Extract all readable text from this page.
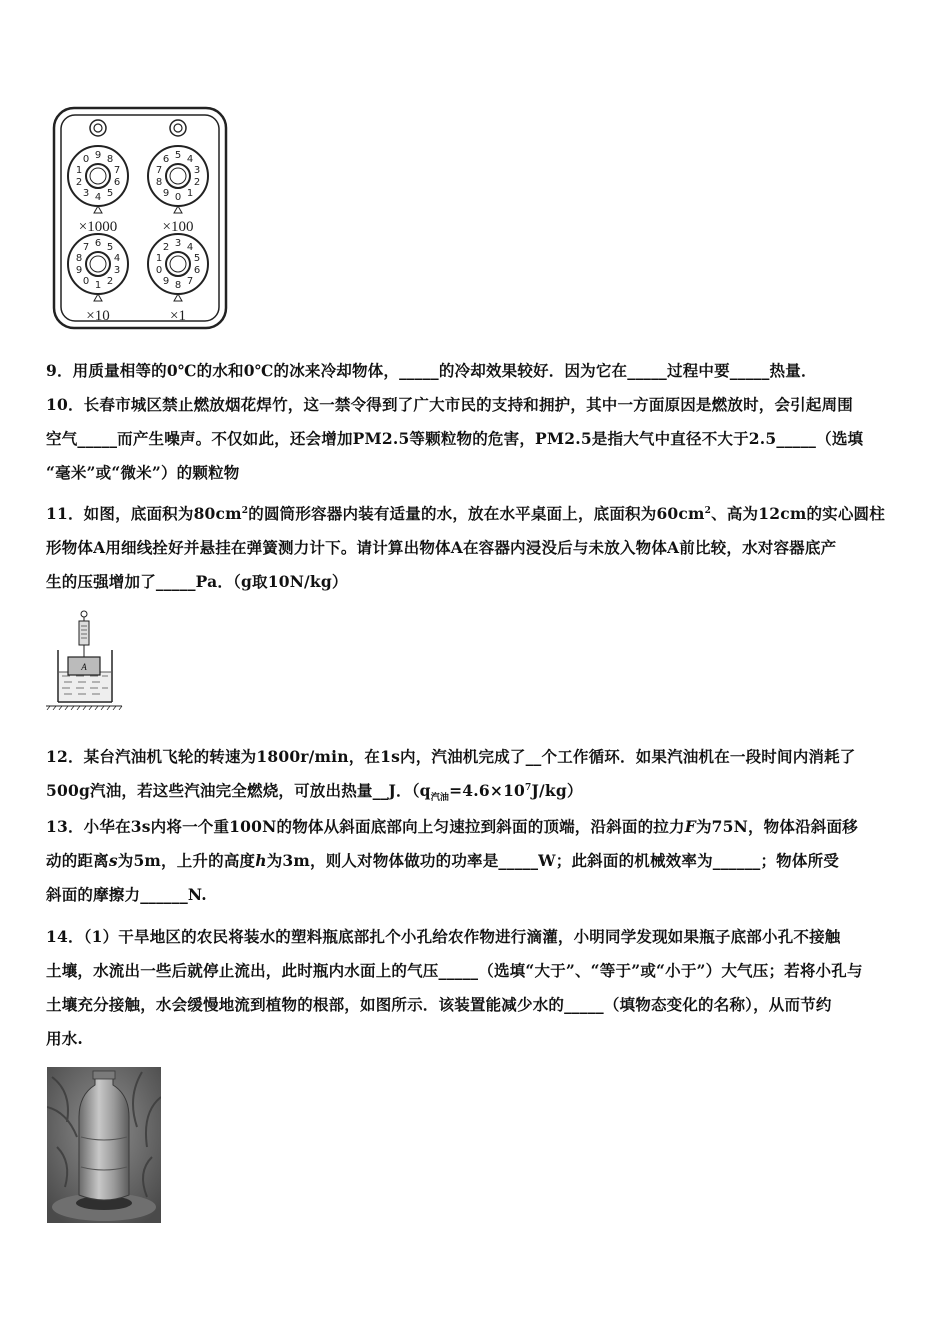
9 8
7
6
5
4
3
2
1
0	5 4
3
2
1
0
9
8
7
6
6 5
4
3
2
1
0
9
8
7	3 4
5
6
7
8
9
0
1
2
×1000	×100
×10	×1

9．用质量相等的0℃的水和0℃的冰来冷却物体，_____的冷却效果较好．因为它在_____过程中要_____热量．

10．长春市城区禁止燃放烟花焊竹，这一禁令得到了广大市民的支持和拥护，其中一方面原因是燃放时，会引起周围

空气_____而产生噪声。不仅如此，还会增加PM2.5等颗粒物的危害，PM2.5是指大气中直径不大于2.5_____（选填

“毫米”或“微米”）的颗粒物

11．如图，底面积为$80cm^2$的圆筒形容器内装有适量的水，放在水平桌面上，底面积为$60cm^2$、高为12cm的实心圆柱

形物体A用细线拴好并悬挂在弹簧测力计下。请计算出物体A在容器内浸没后与未放入物体A前比较，水对容器底产

生的压强增加了_____Pa．（g取10N/kg）

A

12．某台汽油机飞轮的转速为1800r/min，在1s内，汽油机完成了__个工作循环．如果汽油机在一段时间内消耗了

500g汽油，若这些汽油完全燃烧，可放出热量__J．$(q_{汽油}=4.6\times 10^7J/kg)$

13．小华在3s内将一个重100N的物体从斜面底部向上匀速拉到斜面的顶端，沿斜面的拉力F为75N，物体沿斜面移

动的距离s为5m，上升的高度h为3m，则人对物体做功的功率是_____W；此斜面的机械效率为______；物体所受

斜面的摩擦力______N.

14．（1）干旱地区的农民将装水的塑料瓶底部扎个小孔给农作物进行滴灌，小明同学发现如果瓶子底部小孔不接触

土壤，水流出一些后就停止流出，此时瓶内水面上的气压_____（选填“大于”、“等于”或“小于”）大气压；若将小孔与

土壤充分接触，水会缓慢地流到植物的根部，如图所示．该装置能减少水的_____（填物态变化的名称），从而节约

用水.
